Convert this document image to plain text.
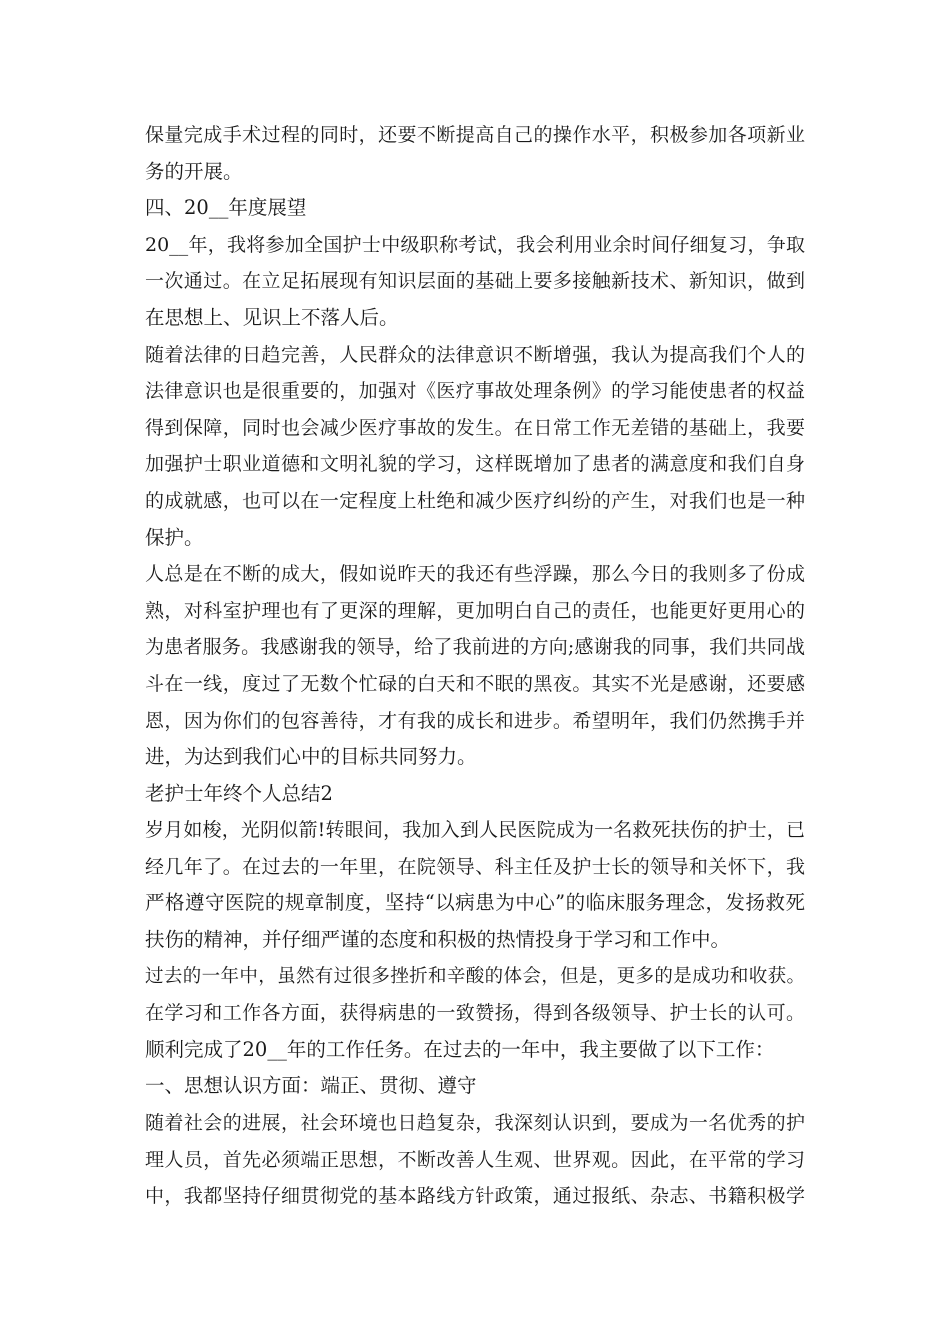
保量完成手术过程的同时，还要不断提高自己的操作水平，积极参加各项新业
务的开展。
四、20__年度展望
20__年，我将参加全国护士中级职称考试，我会利用业余时间仔细复习，争取
一次通过。在立足拓展现有知识层面的基础上要多接触新技术、新知识，做到
在思想上、见识上不落人后。
随着法律的日趋完善，人民群众的法律意识不断增强，我认为提高我们个人的
法律意识也是很重要的，加强对《医疗事故处理条例》的学习能使患者的权益
得到保障，同时也会减少医疗事故的发生。在日常工作无差错的基础上，我要
加强护士职业道德和文明礼貌的学习，这样既增加了患者的满意度和我们自身
的成就感，也可以在一定程度上杜绝和减少医疗纠纷的产生，对我们也是一种
保护。
人总是在不断的成大，假如说昨天的我还有些浮躁，那么今日的我则多了份成
熟，对科室护理也有了更深的理解，更加明白自己的责任，也能更好更用心的
为患者服务。我感谢我的领导，给了我前进的方向;感谢我的同事，我们共同战
斗在一线，度过了无数个忙碌的白天和不眠的黑夜。其实不光是感谢，还要感
恩，因为你们的包容善待，才有我的成长和进步。希望明年，我们仍然携手并
进，为达到我们心中的目标共同努力。
老护士年终个人总结2
岁月如梭，光阴似箭!转眼间，我加入到人民医院成为一名救死扶伤的护士，已
经几年了。在过去的一年里，在院领导、科主任及护士长的领导和关怀下，我
严格遵守医院的规章制度，坚持“以病患为中心”的临床服务理念，发扬救死
扶伤的精神，并仔细严谨的态度和积极的热情投身于学习和工作中。
过去的一年中，虽然有过很多挫折和辛酸的体会，但是，更多的是成功和收获。
在学习和工作各方面，获得病患的一致赞扬，得到各级领导、护士长的认可。
顺利完成了20__年的工作任务。在过去的一年中，我主要做了以下工作：
一、思想认识方面：端正、贯彻、遵守
随着社会的进展，社会环境也日趋复杂，我深刻认识到，要成为一名优秀的护
理人员，首先必须端正思想，不断改善人生观、世界观。因此，在平常的学习
中，我都坚持仔细贯彻党的基本路线方针政策，通过报纸、杂志、书籍积极学
